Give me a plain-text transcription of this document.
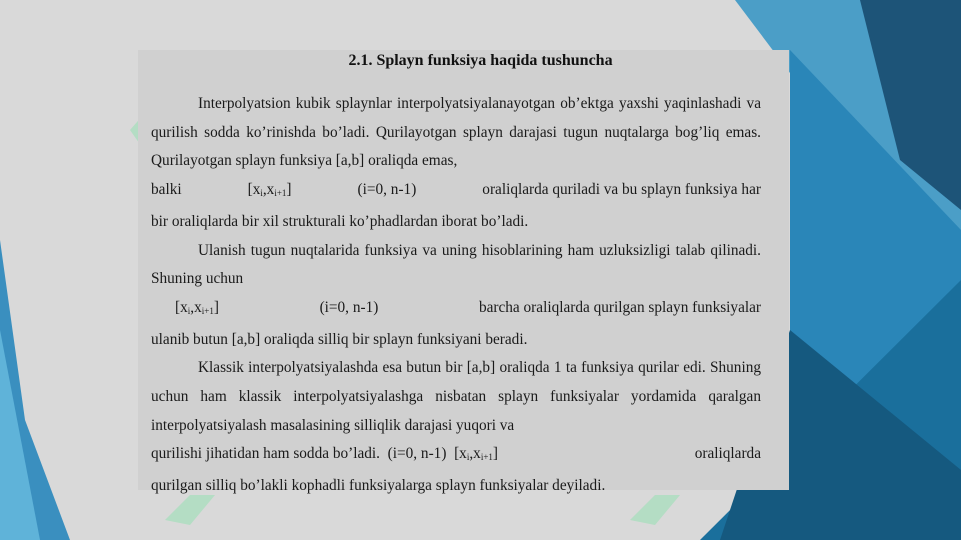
2.1. Splayn funksiya haqida tushuncha

Interpolyatsion kubik splaynlar interpolyatsiyalanayotgan ob’ektga yaxshi yaqinlashadi va qurilish sodda ko’rinishda bo’ladi. Qurilayotgan splayn darajasi tugun nuqtalarga bog’liq emas. Qurilayotgan splayn funksiya [a,b] oraliqda emas,

balki	$[x_i,x_{i+1}]$	(i=0, n-1)	oraliqlarda quriladi va bu splayn funksiya har
bir oraliqlarda bir xil strukturali ko’phadlardan iborat bo’ladi.

Ulanish tugun nuqtalarida funksiya va uning hisoblarining ham uzluksizligi talab qilinadi. Shuning uchun

$[x_i,x_{i+1}]$	(i=0, n-1)	barcha oraliqlarda qurilgan splayn funksiyalar
ulanib butun [a,b] oraliqda silliq bir splayn funksiyani beradi.

Klassik interpolyatsiyalashda esa butun bir [a,b] oraliqda 1 ta funksiya qurilar edi. Shuning uchun ham klassik interpolyatsiyalashga nisbatan splayn funksiyalar yordamida qaralgan interpolyatsiyalash masalasining silliqlik darajasi yuqori va

qurilishi jihatidan ham sodda bo’ladi. (i=0, n-1) $[x_i,x_{i+1}]$	oraliqlarda
qurilgan silliq bo’lakli kophadli funksiyalarga splayn funksiyalar deyiladi.
